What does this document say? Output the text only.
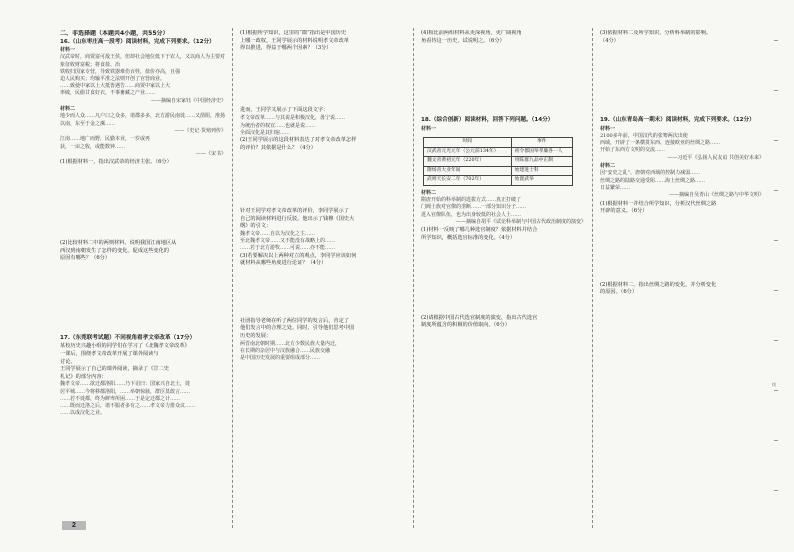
二、非选择题（本题共4小题，共55分）

16.（山东枣庄高一段考）阅读材料，完成下列要求。（12分）

材料一
汉武帝时，商贾富可敌王侯，但却社会地位低下于农人，又以商人为主要对象征收财富税；将食盐、冶
铁收归国家专营，导致铁器难伤百姓，盐价亦高，且强
迫人民购买；均输平准之法则开创了官营商业。
……致使中家以上大抵皆遇告……商贾中家以上大
率破，民偷甘食好衣，不事畜藏之产业……

——摘编自宋家钰《中国经济史》

材料二
地少而人众……凡户口之众多，诸郡多多，北方游民南徙……又凿阻，淮扬
以南，东至于金之濒……

——《史记·货殖列传》

江南……地广而野，民勤本业，一岁或再
获，一亩之收，或能数钟……

——《宋书》

(1)根据材料一，指出汉武帝的经济主张。（6分）

(2)比较材料二中的两则材料，说明我国江南地区从
西汉到南朝发生了怎样的变化。促成这些变化的
原因有哪些？（6分）

17.（东莞联考试题）不同视角看孝文帝改革（17分）

某校历史兴趣小组的同学们在学习了《北魏孝文帝改革》
一课后，围绕孝文帝改革开展了课外阅读与
讨论。
王同学展示了自己的课外阅读，摘录了《廿二史
札记》的部分内容：
魏孝文帝……欲迁都洛阳……乃下诏曰：国家兴自北土，徙
居平城……今将移都洛阳，……举朝惊骇，群臣莫敢言……
……若不徙都，终为鲜卑所困……于是定迁都之计……
……既而迁洛之后，诸不服者多有之……孝文帝力排众议……
……以成汉化之业。
(1)根据所学知识，这里的“微”指出是中国历史
上哪一政权。王同学展示的材料说明孝文帝改革
得以推进，得益于哪两个因素？（3分）

进而，王同学又展示了下面这段文字：

孝文帝改革……与其说是积极汉化，毋宁说……
为统治者的权宜……也就是说……
全面汉化是其归宿……
(2)王同学展示的这段材料表达了对孝文帝改革怎样
的评价？其依据是什么？（4分）
针对王同学对孝文帝改革的评价，李同学展示了
自己的阅读材料进行反驳。他出示了钱穆《国史大
纲》的引文：
魏孝文帝……自以为汉化之主……
至北魏孝文帝……又不能没有战略上的……
……若于北方游牧……可说……亦不能……
(3)若要解决以上两种对立的观点，李同学应该如何
就材料从哪些角度进行论证？（4分）
社团指导老师在听了两位同学的发言后，肯定了
他们发言中的合理之处。同时，引导他们思考中国
历史的发展：
两晋南北朝时期……北方少数民族大量内迁，
在长期的杂居中与汉族融合……民族交融
是中国历史发展的重要组成部分……
(4)相比前两组材料从更深视角，更广阔视角
角看待这一历史，试说明之。（6分）

18.（综合创新）阅读材料，回答下列问题。（14分）

材料一

时间	事件
汉武帝元光元年（公元前134年）	初令郡国举孝廉各一人
魏文帝黄初元年（220年）	用陈群九品中正制
隋炀帝大业年间	始建进士科
武则天长安二年（702年）	始置武举
材料二
隋唐开始的科举制的选拔方式……真正打破了
门阀士族对官僚的垄断……一部分知识分子……
进入官僚队伍，也为出身较低的社会人士……

——摘编自胡平《试论科举制与中国古代政治制度的演变》

(1)材料一反映了哪几种选官制度？依据材料并结合
所学知识，概括选官标准的变化。（4分）
(2)请根据中国古代选官制度的演变，指出古代选官
制度所蕴含的积极的价值取向。（6分）
(3)依据材料二及所学知识，分析科举制的影响。
（4分）

19.（山东青岛高一期末）阅读材料，完成下列要求。（12分）

材料一
2100多年前，中国汉代的张骞两次出使
西域，开辟了一条横贯东西、连接欧亚的丝绸之路……
开始了东西方文明的交流……

——习近平《弘扬人民友谊 共创美好未来》

材料二
因“安史之乱”，唐朝对西域的控制力减弱……
丝绸之路的陆路交通受阻……海上丝绸之路……
日益繁荣……

——摘编自吴青山《丝绸之路与中华文明》

(1)根据材料一并结合所学知识，分析汉代丝绸之路
开辟的意义。（6分）
(2)根据材料二，指出丝绸之路的变化，并分析变化
的原因。（6分）
线
2
